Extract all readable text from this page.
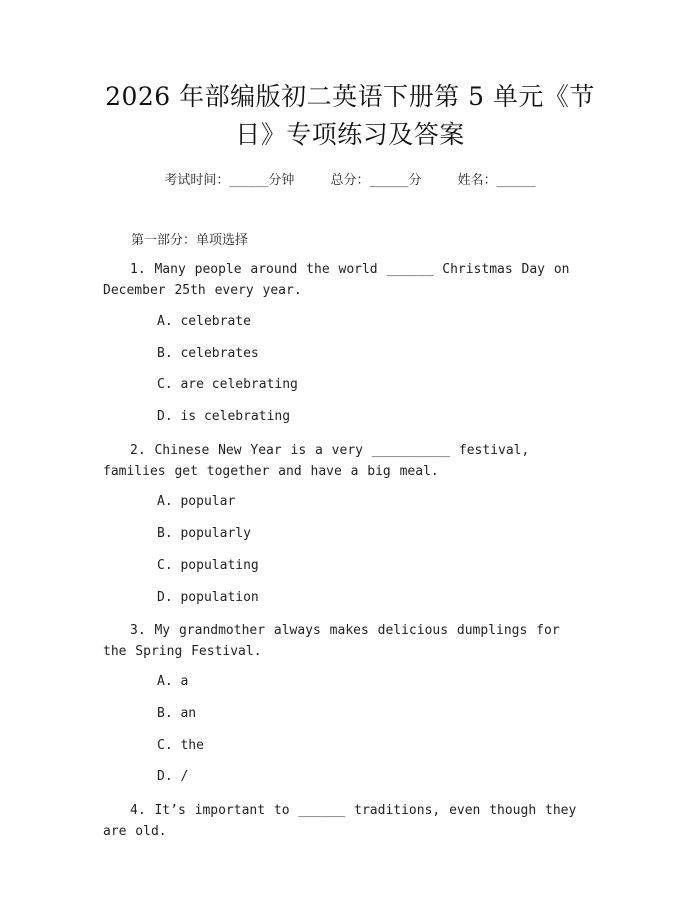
2026 年部编版初二英语下册第 5 单元《节日》专项练习及答案
考试时间：______分钟	总分：______分	姓名：______
第一部分：单项选择
1. Many people around the world ______ Christmas Day on December 25th every year.
A. celebrate
B. celebrates
C. are celebrating
D. is celebrating
2. Chinese New Year is a very __________ festival, families get together and have a big meal.
A. popular
B. popularly
C. populating
D. population
3. My grandmother always makes delicious dumplings for the Spring Festival.
A. a
B. an
C. the
D. /
4. It’s important to ______ traditions, even though they are old.
